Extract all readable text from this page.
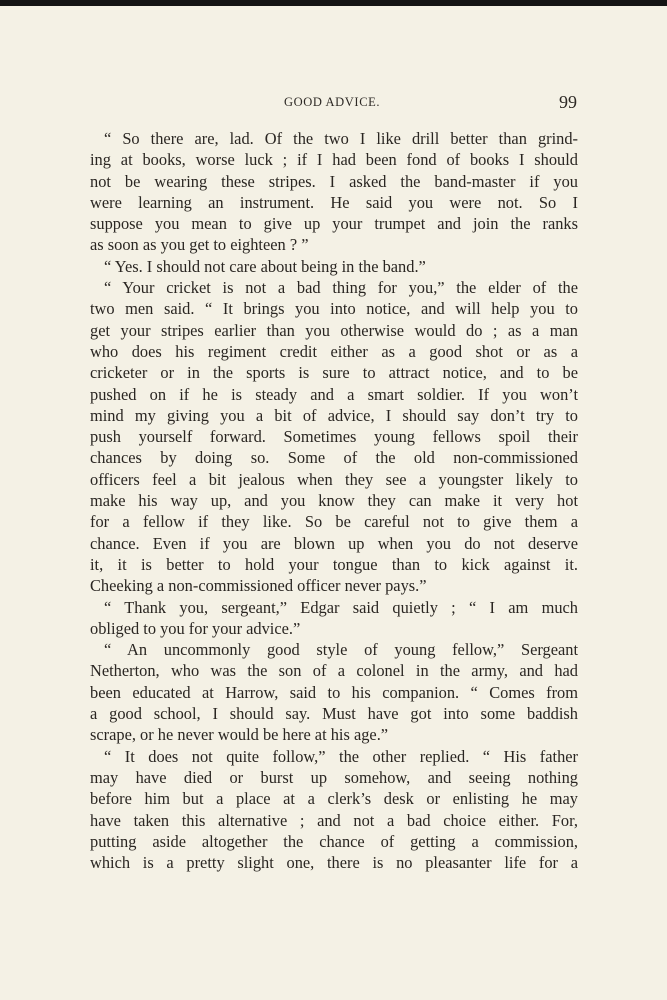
GOOD ADVICE.	99
“ So there are, lad. Of the two I like drill better than grind-
ing at books, worse luck ; if I had been fond of books I should
not be wearing these stripes. I asked the band-master if you
were learning an instrument. He said you were not. So I
suppose you mean to give up your trumpet and join the ranks
as soon as you get to eighteen ? ”
“ Yes. I should not care about being in the band.”
“ Your cricket is not a bad thing for you,” the elder of the
two men said. “ It brings you into notice, and will help you to
get your stripes earlier than you otherwise would do ; as a man
who does his regiment credit either as a good shot or as a
cricketer or in the sports is sure to attract notice, and to be
pushed on if he is steady and a smart soldier. If you won’t
mind my giving you a bit of advice, I should say don’t try to
push yourself forward. Sometimes young fellows spoil their
chances by doing so. Some of the old non-commissioned
officers feel a bit jealous when they see a youngster likely to
make his way up, and you know they can make it very hot
for a fellow if they like. So be careful not to give them a
chance. Even if you are blown up when you do not deserve
it, it is better to hold your tongue than to kick against it.
Cheeking a non-commissioned officer never pays.”
“ Thank you, sergeant,” Edgar said quietly ; “ I am much
obliged to you for your advice.”
“ An uncommonly good style of young fellow,” Sergeant
Netherton, who was the son of a colonel in the army, and had
been educated at Harrow, said to his companion. “ Comes from
a good school, I should say. Must have got into some baddish
scrape, or he never would be here at his age.”
“ It does not quite follow,” the other replied. “ His father
may have died or burst up somehow, and seeing nothing
before him but a place at a clerk’s desk or enlisting he may
have taken this alternative ; and not a bad choice either. For,
putting aside altogether the chance of getting a commission,
which is a pretty slight one, there is no pleasanter life for a
